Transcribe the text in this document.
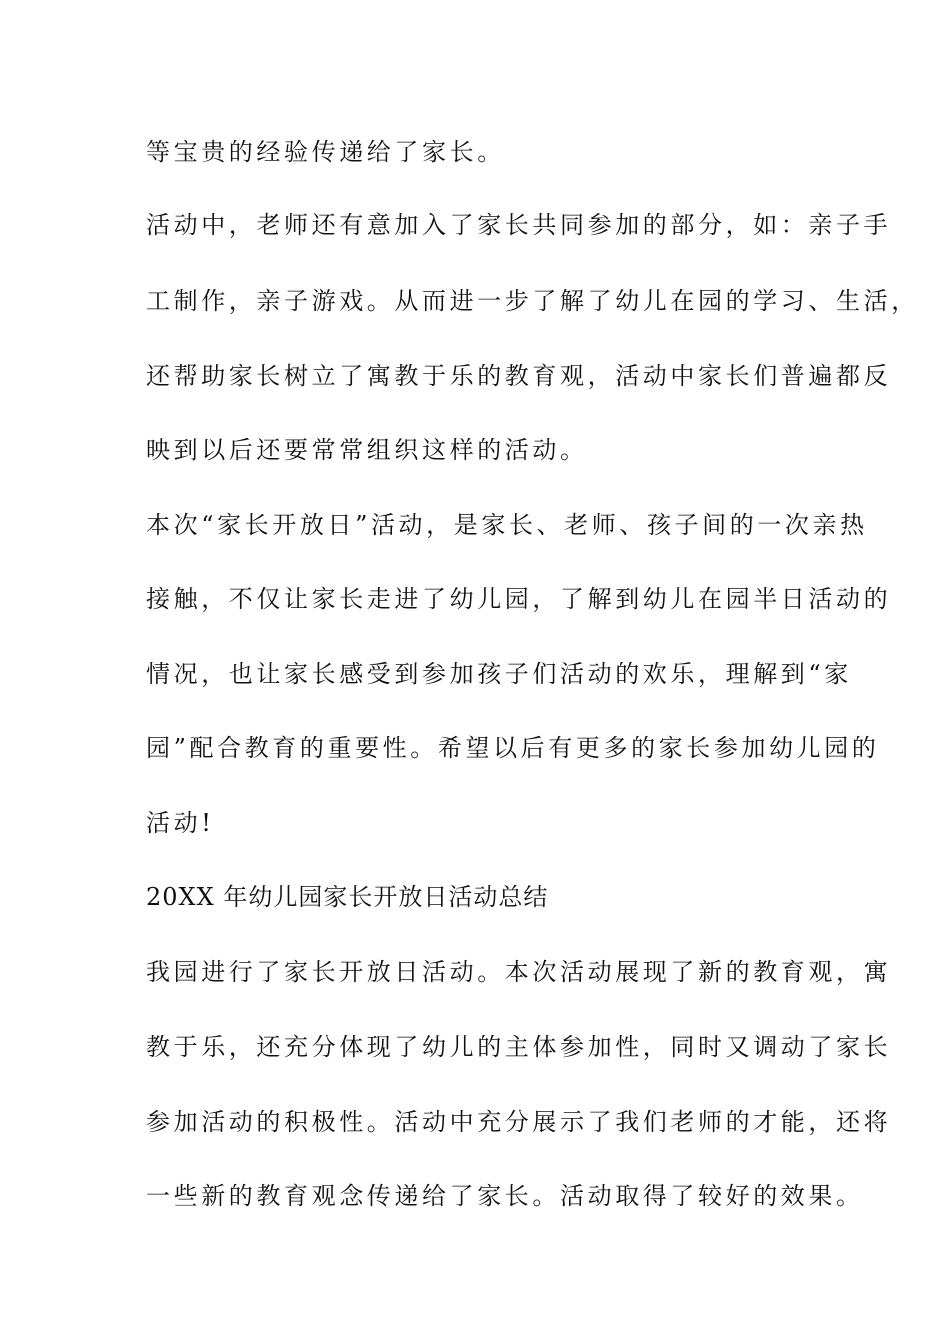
等宝贵的经验传递给了家长。
活动中，老师还有意加入了家长共同参加的部分，如：亲子手
工制作，亲子游戏。从而进一步了解了幼儿在园的学习、生活，
还帮助家长树立了寓教于乐的教育观，活动中家长们普遍都反
映到以后还要常常组织这样的活动。
本次“家长开放日”活动，是家长、老师、孩子间的一次亲热
接触，不仅让家长走进了幼儿园，了解到幼儿在园半日活动的
情况，也让家长感受到参加孩子们活动的欢乐，理解到“家
园”配合教育的重要性。希望以后有更多的家长参加幼儿园的
活动!
20XX 年幼儿园家长开放日活动总结
我园进行了家长开放日活动。本次活动展现了新的教育观，寓
教于乐，还充分体现了幼儿的主体参加性，同时又调动了家长
参加活动的积极性。活动中充分展示了我们老师的才能，还将
一些新的教育观念传递给了家长。活动取得了较好的效果。
